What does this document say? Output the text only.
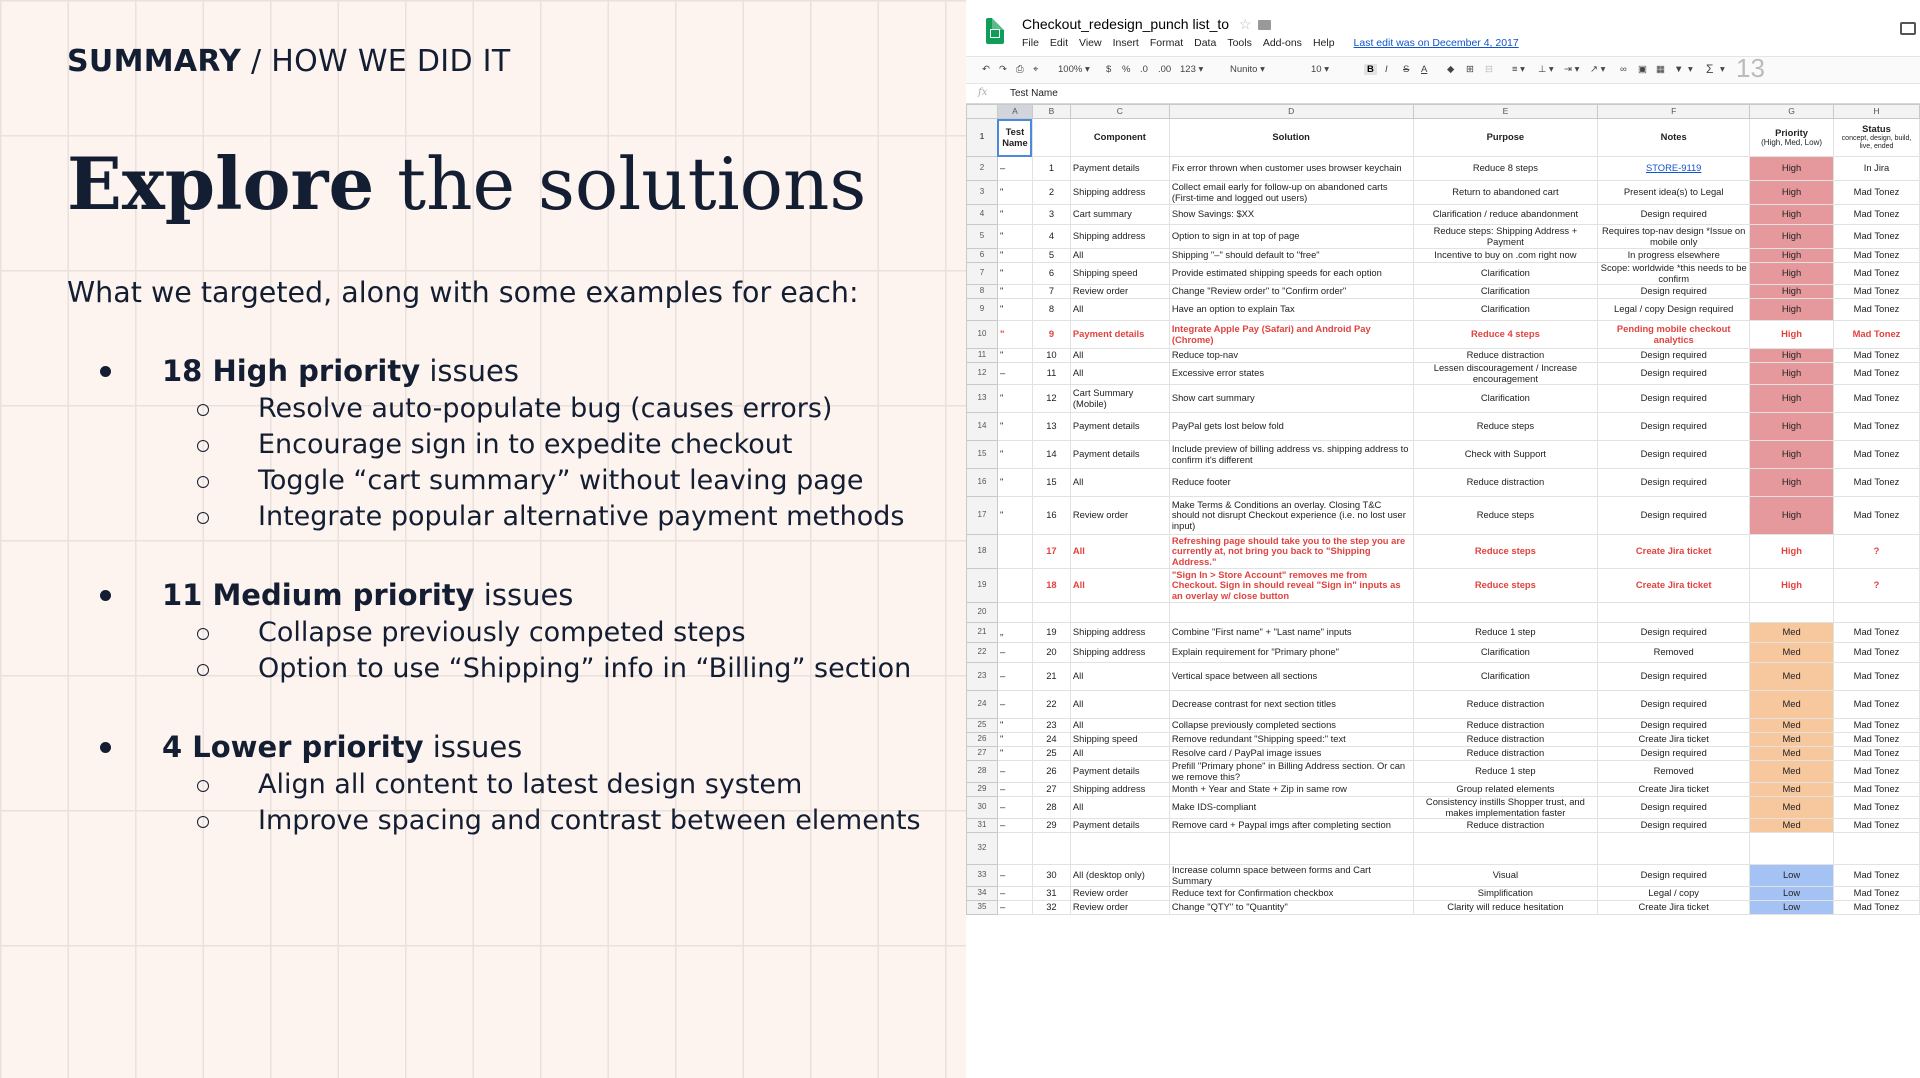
SUMMARY / HOW WE DID IT
Explore the solutions
What we targeted, along with some examples for each:
18 High priority issues
Resolve auto-populate bug (causes errors)
Encourage sign in to expedite checkout
Toggle “cart summary” without leaving page
Integrate popular alternative payment methods
11 Medium priority issues
Collapse previously competed steps
Option to use “Shipping” info in “Billing” section
4 Lower priority issues
Align all content to latest design system
Improve spacing and contrast between elements
Checkout_redesign_punch list_to ☆
File Edit View Insert Format Data Tools Add-ons Help Last edit was on December 4, 2017
↶ ↷ ⎙ ⌖ 100% ▾ $ % .0 .00 123 ▾	Nunito ▾	10 ▾	B	I S A ◆ ⊞ ⊟ ≡ ▾ ⊥ ▾ ⇥ ▾ ↗ ▾ ∞ ▣ ▦ ▼ ▾ Σ ▾ 13
fx Test Name
	A	B	C	D	E	F	G	H
1	Test Name		Component	Solution	Purpose	Notes	Priority
(High, Med, Low)	Status
concept, design, build, live, ended

2	–	1	Payment details	Fix error thrown when customer uses browser keychain	Reduce 8 steps	STORE-9119	High	In Jira
3	"	2	Shipping address	Collect email early for follow-up on abandoned carts (First-time and logged out users)	Return to abandoned cart	Present idea(s) to Legal	High	Mad Tonez
4	"	3	Cart summary	Show Savings: $XX	Clarification / reduce abandonment	Design required	High	Mad Tonez
5	"	4	Shipping address	Option to sign in at top of page	Reduce steps: Shipping Address + Payment	Requires top-nav design *Issue on mobile only	High	Mad Tonez
6	"	5	All	Shipping "–" should default to "free"	Incentive to buy on .com right now	In progress elsewhere	High	Mad Tonez
7	"	6	Shipping speed	Provide estimated shipping speeds for each option	Clarification	Scope: worldwide *this needs to be confirm	High	Mad Tonez
8	"	7	Review order	Change "Review order" to "Confirm order"	Clarification	Design required	High	Mad Tonez
9	"	8	All	Have an option to explain Tax	Clarification	Legal / copy Design required	High	Mad Tonez
10	"	9	Payment details	Integrate Apple Pay (Safari) and Android Pay (Chrome)	Reduce 4 steps	Pending mobile checkout analytics	High	Mad Tonez
11	"	10	All	Reduce top-nav	Reduce distraction	Design required	High	Mad Tonez
12	–	11	All	Excessive error states	Lessen discouragement / Increase encouragement	Design required	High	Mad Tonez
13	"	12	Cart Summary (Mobile)	Show cart summary	Clarification	Design required	High	Mad Tonez
14	"	13	Payment details	PayPal gets lost below fold	Reduce steps	Design required	High	Mad Tonez
15	"	14	Payment details	Include preview of billing address vs. shipping address to confirm it's different	Check with Support	Design required	High	Mad Tonez
16	"	15	All	Reduce footer	Reduce distraction	Design required	High	Mad Tonez
17	"	16	Review order	Make Terms & Conditions an overlay. Closing T&C should not disrupt Checkout experience (i.e. no lost user input)	Reduce steps	Design required	High	Mad Tonez
18		17	All	Refreshing page should take you to the step you are currently at, not bring you back to "Shipping Address."	Reduce steps	Create Jira ticket	High	?
19		18	All	"Sign In > Store Account" removes me from Checkout. Sign in should reveal "Sign in" inputs as an overlay w/ close button	Reduce steps	Create Jira ticket	High	?
20								
21	„	19	Shipping address	Combine "First name" + "Last name" inputs	Reduce 1 step	Design required	Med	Mad Tonez
22	–	20	Shipping address	Explain requirement for "Primary phone"	Clarification	Removed	Med	Mad Tonez
23	–	21	All	Vertical space between all sections	Clarification	Design required	Med	Mad Tonez
24	–	22	All	Decrease contrast for next section titles	Reduce distraction	Design required	Med	Mad Tonez
25	"	23	All	Collapse previously completed sections	Reduce distraction	Design required	Med	Mad Tonez
26	"	24	Shipping speed	Remove redundant "Shipping speed:" text	Reduce distraction	Create Jira ticket	Med	Mad Tonez
27	"	25	All	Resolve card / PayPal image issues	Reduce distraction	Design required	Med	Mad Tonez
28	–	26	Payment details	Prefill "Primary phone" in Billing Address section. Or can we remove this?	Reduce 1 step	Removed	Med	Mad Tonez
29	–	27	Shipping address	Month + Year and State + Zip in same row	Group related elements	Create Jira ticket	Med	Mad Tonez
30	–	28	All	Make IDS-compliant	Consistency instills Shopper trust, and makes implementation faster	Design required	Med	Mad Tonez
31	–	29	Payment details	Remove card + Paypal imgs after completing section	Reduce distraction	Design required	Med	Mad Tonez
32								
33	–	30	All (desktop only)	Increase column space between forms and Cart Summary	Visual	Design required	Low	Mad Tonez
34	–	31	Review order	Reduce text for Confirmation checkbox	Simplification	Legal / copy	Low	Mad Tonez
35	–	32	Review order	Change "QTY" to "Quantity"	Clarity will reduce hesitation	Create Jira ticket	Low	Mad Tonez
